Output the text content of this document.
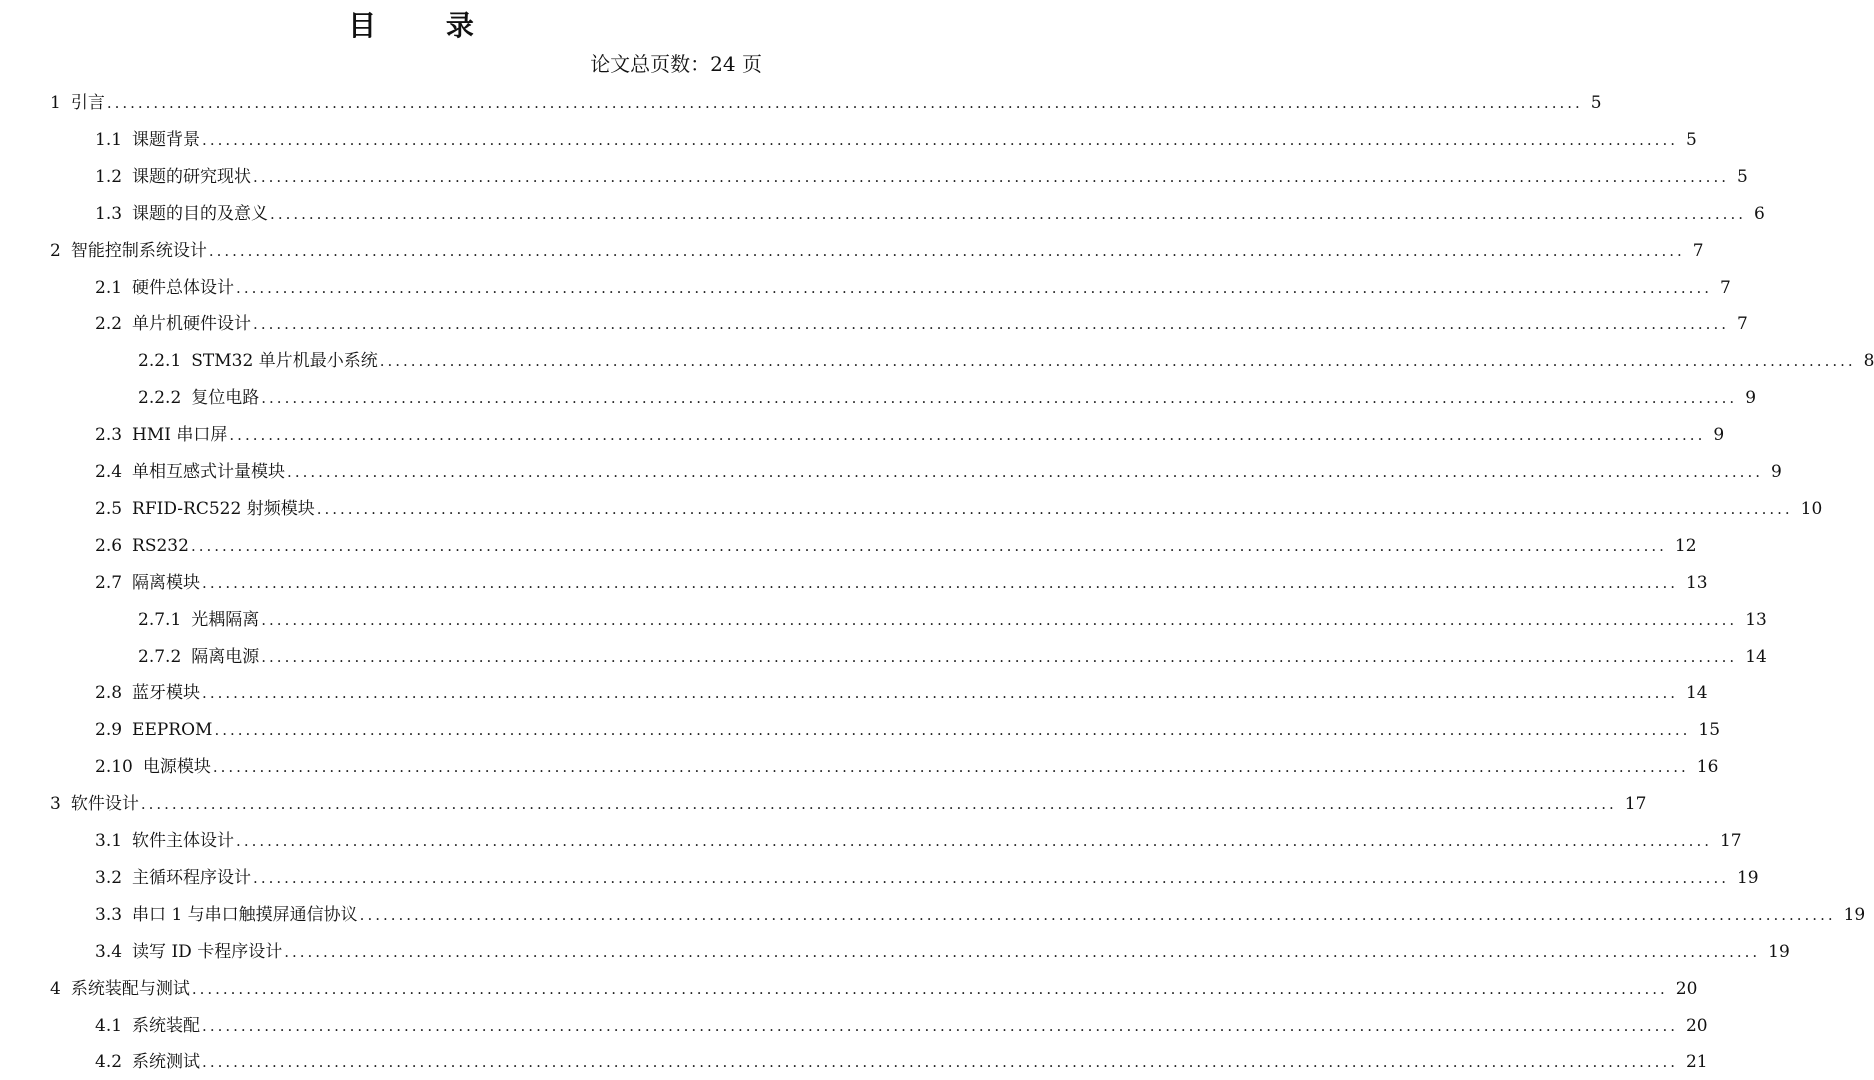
目 录
论文总页数：24 页
1 引言 .....	5
1.1 课题背景 .....	5
1.2 课题的研究现状 .....	5
1.3 课题的目的及意义 .....	6
2 智能控制系统设计 .....	7
2.1 硬件总体设计 .....	7
2.2 单片机硬件设计 .....	7
2.2.1 STM32 单片机最小系统 .....	8
2.2.2 复位电路 .....	9
2.3 HMI 串口屏 .....	9
2.4 单相互感式计量模块 .....	9
2.5 RFID-RC522 射频模块 .....	10
2.6 RS232 .....	12
2.7 隔离模块 .....	13
2.7.1 光耦隔离 .....	13
2.7.2 隔离电源 .....	14
2.8 蓝牙模块 .....	14
2.9 EEPROM .....	15
2.10 电源模块 .....	16
3 软件设计 .....	17
3.1 软件主体设计 .....	17
3.2 主循环程序设计 .....	19
3.3 串口 1 与串口触摸屏通信协议 .....	19
3.4 读写 ID 卡程序设计 .....	19
4 系统装配与测试 .....	20
4.1 系统装配 .....	20
4.2 系统测试 .....	21
